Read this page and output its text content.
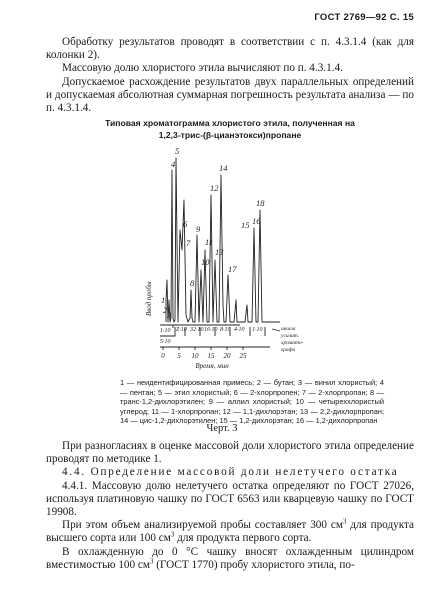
ГОСТ 2769—92 С. 15

Обработку результатов проводят в соответствии с п. 4.3.1.4 (как для колонки 2).

Массовую долю хлористого этила вычисляют по п. 4.3.1.4.

Допускаемое расхождение результатов двух параллельных определений и допускаемая абсолютная суммарная погрешность результата анализа — по п. 4.3.1.4.

Типовая хроматограмма хлористого этила, полученная на
1,2,3-трис-(β-цианэтокси)пропане
4
5
1
2 3
6
7
8
9
10
11
12
13
14
15 16
17
18
Ввод пробы
1·10 Z·10 32·10 16·10 8·10 4·10 1·10
5·10
8	шкала
усилит.
хромато-
графа
0 5 10 15 20 25
Время, мин
1 — неидентифицированная примесь; 2 — бутан; 3 — винил хлористый; 4 — пентан; 5 — этил хлористый; 6 — 2-хлорпропен; 7 — 2-хлорпропан; 8 — транс-1,2-дихлорэтилен; 9 — аллил хлористый; 10 — четыреххлористый углерод; 11 — 1-хлорпропан; 12 — 1,1-дихлорэтан; 13 — 2,2-дихлорпропан; 14 — цис-1,2-дихлорэтилен; 15 — 1,2-дихлорэтан; 16 — 1,2-дихлорпропан
Черт. 3

При разногласиях в оценке массовой доли хлористого этила определение проводят по методике 1.

4.4. Определение массовой доли нелетучего остатка

4.4.1. Массовую долю нелетучего остатка определяют по ГОСТ 27026, используя платиновую чашку по ГОСТ 6563 или кварцевую чашку по ГОСТ 19908.

При этом объем анализируемой пробы составляет 300 $см^3$ для продукта высшего сорта или 100 $см^3$ для продукта первого сорта.

В охлажденную до 0 °С чашку вносят охлажденным цилиндром вместимостью 100 $см^3$ (ГОСТ 1770) пробу хлористого этила, по-
